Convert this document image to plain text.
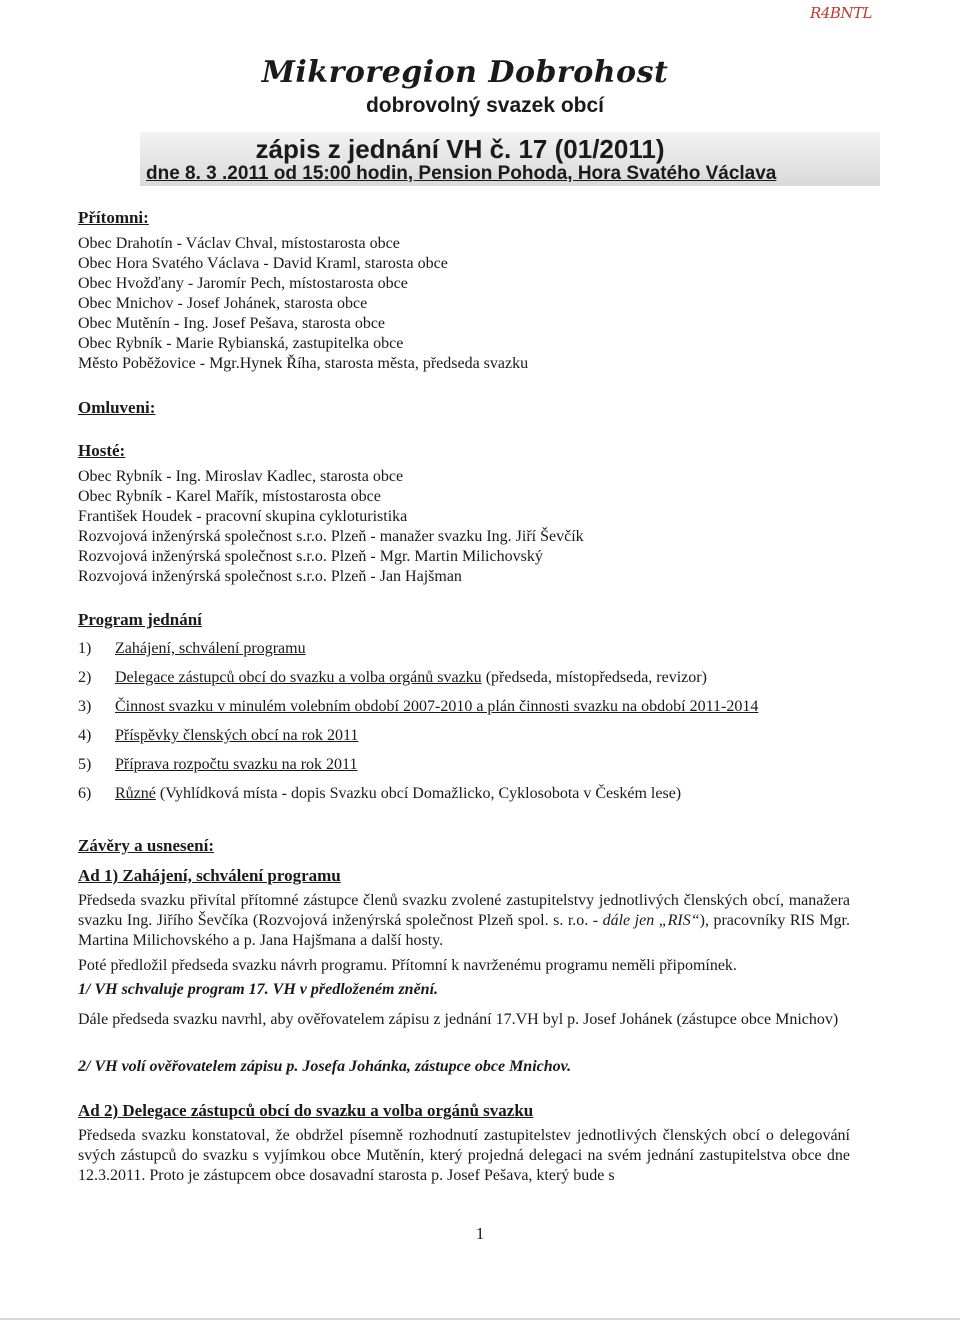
R4BNTL
Mikroregion Dobrohost
dobrovolný svazek obcí
zápis z jednání VH č. 17 (01/2011)
dne 8. 3 .2011 od 15:00 hodin, Pension Pohoda, Hora Svatého Václava
Přítomni:
Obec Drahotín - Václav Chval, místostarosta obce
Obec Hora Svatého Václava - David Kraml, starosta obce
Obec Hvožďany - Jaromír Pech, místostarosta obce
Obec Mnichov - Josef Johánek, starosta obce
Obec Mutěnín - Ing. Josef Pešava, starosta obce
Obec Rybník - Marie Rybianská, zastupitelka obce
Město Poběžovice - Mgr.Hynek Říha, starosta města, předseda svazku
Omluveni:
Hosté:
Obec Rybník - Ing. Miroslav Kadlec, starosta obce
Obec Rybník - Karel Mařík, místostarosta obce
František Houdek - pracovní skupina cykloturistika
Rozvojová inženýrská společnost s.r.o. Plzeň - manažer svazku Ing. Jiří Ševčík
Rozvojová inženýrská společnost s.r.o. Plzeň - Mgr. Martin Milichovský
Rozvojová inženýrská společnost s.r.o. Plzeň - Jan Hajšman
Program jednání
1) Zahájení, schválení programu
2) Delegace zástupců obcí do svazku a volba orgánů svazku (předseda, místopředseda, revizor)
3) Činnost svazku v minulém volebním období 2007-2010 a plán činnosti svazku na období 2011-2014
4) Příspěvky členských obcí na rok 2011
5) Příprava rozpočtu svazku na rok 2011
6) Různé (Vyhlídková místa - dopis Svazku obcí Domažlicko, Cyklosobota v Českém lese)
Závěry a usnesení:
Ad 1) Zahájení, schválení programu
Předseda svazku přivítal přítomné zástupce členů svazku zvolené zastupitelstvy jednotlivých členských obcí, manažera svazku Ing. Jiřího Ševčíka (Rozvojová inženýrská společnost Plzeň spol. s. r.o. - dále jen „RIS“), pracovníky RIS Mgr. Martina Milichovského a p. Jana Hajšmana a další hosty.
Poté předložil předseda svazku návrh programu. Přítomní k navrženému programu neměli připomínek.
1/ VH schvaluje program 17. VH v předloženém znění.
Dále předseda svazku navrhl, aby ověřovatelem zápisu z jednání 17.VH byl p. Josef Johánek (zástupce obce Mnichov)
2/ VH volí ověřovatelem zápisu p. Josefa Johánka, zástupce obce Mnichov.
Ad 2) Delegace zástupců obcí do svazku a volba orgánů svazku
Předseda svazku konstatoval, že obdržel písemně rozhodnutí zastupitelstev jednotlivých členských obcí o delegování svých zástupců do svazku s vyjímkou obce Mutěnín, který projedná delegaci na svém jednání zastupitelstva obce dne 12.3.2011. Proto je zástupcem obce dosavadní starosta p. Josef Pešava, který bude s
1
